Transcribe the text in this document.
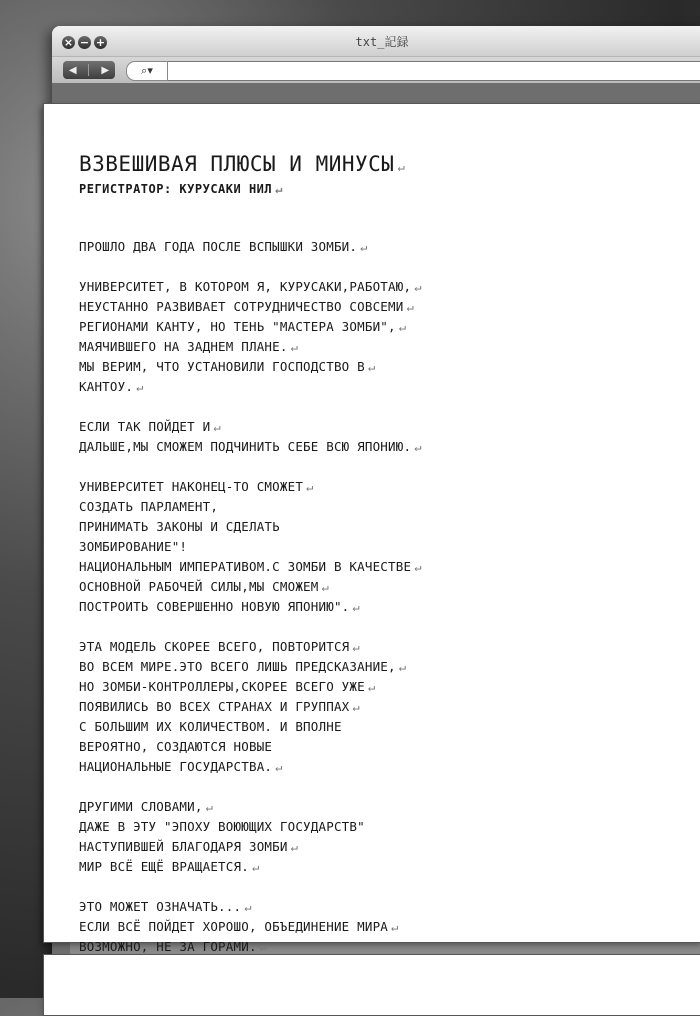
× − +	txt_記録
◀ ▶	⌕▾
ВЗВЕШИВАЯ ПЛЮСЫ И МИНУСЫ ↵
РЕГИСТРАТОР: КУРУСАКИ НИЛ ↵
ПРОШЛО ДВА ГОДА ПОСЛЕ ВСПЫШКИ ЗОМБИ. ↵
УНИВЕРСИТЕТ, В КОТОРОМ Я, КУРУСАКИ,РАБОТАЮ, ↵
НЕУСТАННО РАЗВИВАЕТ СОТРУДНИЧЕСТВО СОВСЕМИ ↵
РЕГИОНАМИ КАНТУ, НО ТЕНЬ "МАСТЕРА ЗОМБИ", ↵
МАЯЧИВШЕГО НА ЗАДНЕМ ПЛАНЕ. ↵
МЫ ВЕРИМ, ЧТО УСТАНОВИЛИ ГОСПОДСТВО В ↵
КАНТОУ. ↵
ЕСЛИ ТАК ПОЙДЕТ И ↵
ДАЛЬШЕ,МЫ СМОЖЕМ ПОДЧИНИТЬ СЕБЕ ВСЮ ЯПОНИЮ. ↵
УНИВЕРСИТЕТ НАКОНЕЦ-ТО СМОЖЕТ ↵
СОЗДАТЬ ПАРЛАМЕНТ,
ПРИНИМАТЬ ЗАКОНЫ И СДЕЛАТЬ
ЗОМБИРОВАНИЕ"!
НАЦИОНАЛЬНЫМ ИМПЕРАТИВОМ.С ЗОМБИ В КАЧЕСТВЕ ↵
ОСНОВНОЙ РАБОЧЕЙ СИЛЫ,МЫ СМОЖЕМ ↵
ПОСТРОИТЬ СОВЕРШЕННО НОВУЮ ЯПОНИЮ". ↵
ЭТА МОДЕЛЬ СКОРЕЕ ВСЕГО, ПОВТОРИТСЯ ↵
ВО ВСЕМ МИРЕ.ЭТО ВСЕГО ЛИШЬ ПРЕДСКАЗАНИЕ, ↵
НО ЗОМБИ-КОНТРОЛЛЕРЫ,СКОРЕЕ ВСЕГО УЖЕ ↵
ПОЯВИЛИСЬ ВО ВСЕХ СТРАНАХ И ГРУППАХ ↵
С БОЛЬШИМ ИХ КОЛИЧЕСТВОМ. И ВПОЛНЕ
ВЕРОЯТНО, СОЗДАЮТСЯ НОВЫЕ
НАЦИОНАЛЬНЫЕ ГОСУДАРСТВА. ↵
ДРУГИМИ СЛОВАМИ, ↵
ДАЖЕ В ЭТУ "ЭПОХУ ВОЮЮЩИХ ГОСУДАРСТВ"
НАСТУПИВШЕЙ БЛАГОДАРЯ ЗОМБИ ↵
МИР ВСЁ ЕЩЁ ВРАЩАЕТСЯ. ↵
ЭТО МОЖЕТ ОЗНАЧАТЬ... ↵
ЕСЛИ ВСЁ ПОЙДЕТ ХОРОШО, ОБЪЕДИНЕНИЕ МИРА ↵
ВОЗМОЖНО, НЕ ЗА ГОРАМИ. ↵
